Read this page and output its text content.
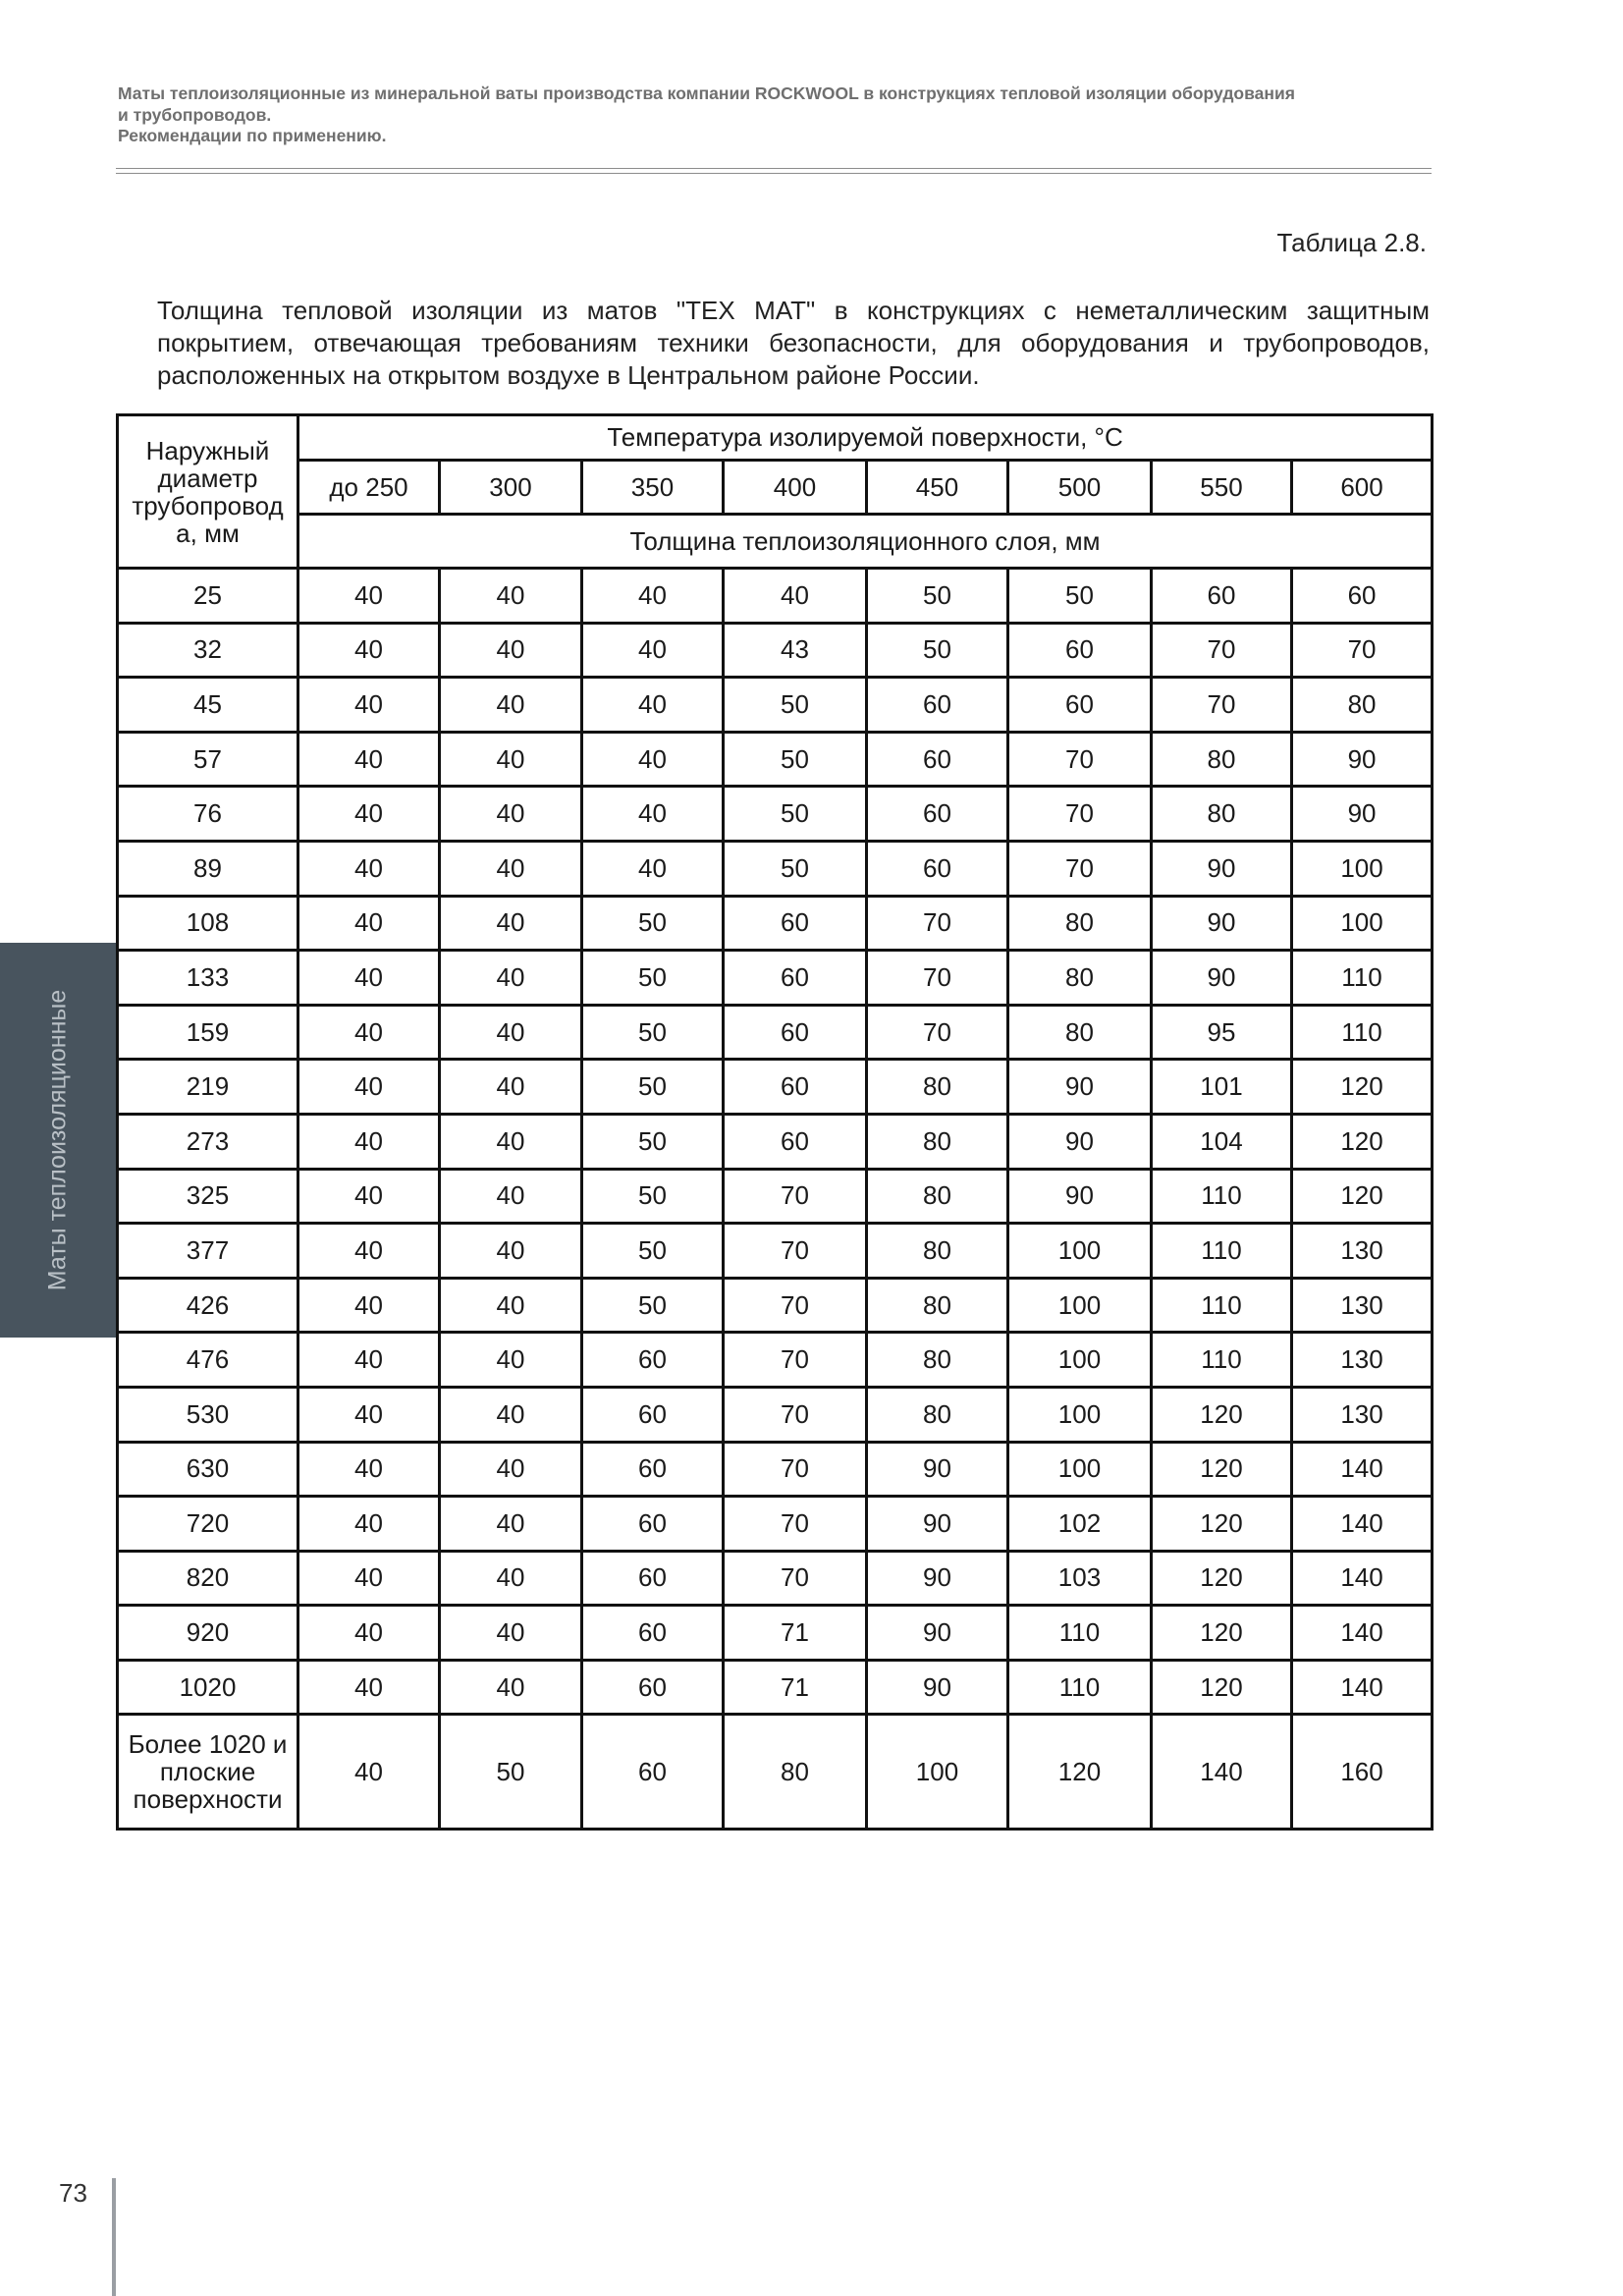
Маты теплоизоляционные из минеральной ваты производства компании ROCKWOOL в конструкциях тепловой изоляции оборудования
и трубопроводов.
Рекомендации по применению.
Таблица 2.8.
Толщина тепловой изоляции из матов "ТЕХ МАТ" в конструкциях с неметаллическим защитным
покрытием, отвечающая требованиям техники безопасности, для оборудования и трубопроводов,
расположенных на открытом воздухе в Центральном районе России.
Маты теплоизоляционные
Наружный
диаметр
трубопровод
а, мм	Температура изолируемой поверхности, °С							
	до 250	300	350	400	450	500	550	600
	Толщина теплоизоляционного слоя, мм							
25	40	40	40	40	50	50	60	60
32	40	40	40	43	50	60	70	70
45	40	40	40	50	60	60	70	80
57	40	40	40	50	60	70	80	90
76	40	40	40	50	60	70	80	90
89	40	40	40	50	60	70	90	100
108	40	40	50	60	70	80	90	100
133	40	40	50	60	70	80	90	110
159	40	40	50	60	70	80	95	110
219	40	40	50	60	80	90	101	120
273	40	40	50	60	80	90	104	120
325	40	40	50	70	80	90	110	120
377	40	40	50	70	80	100	110	130
426	40	40	50	70	80	100	110	130
476	40	40	60	70	80	100	110	130
530	40	40	60	70	80	100	120	130
630	40	40	60	70	90	100	120	140
720	40	40	60	70	90	102	120	140
820	40	40	60	70	90	103	120	140
920	40	40	60	71	90	110	120	140
1020	40	40	60	71	90	110	120	140

Более 1020 и
плоские
поверхности	40	50	60	80	100	120	140	160
73
